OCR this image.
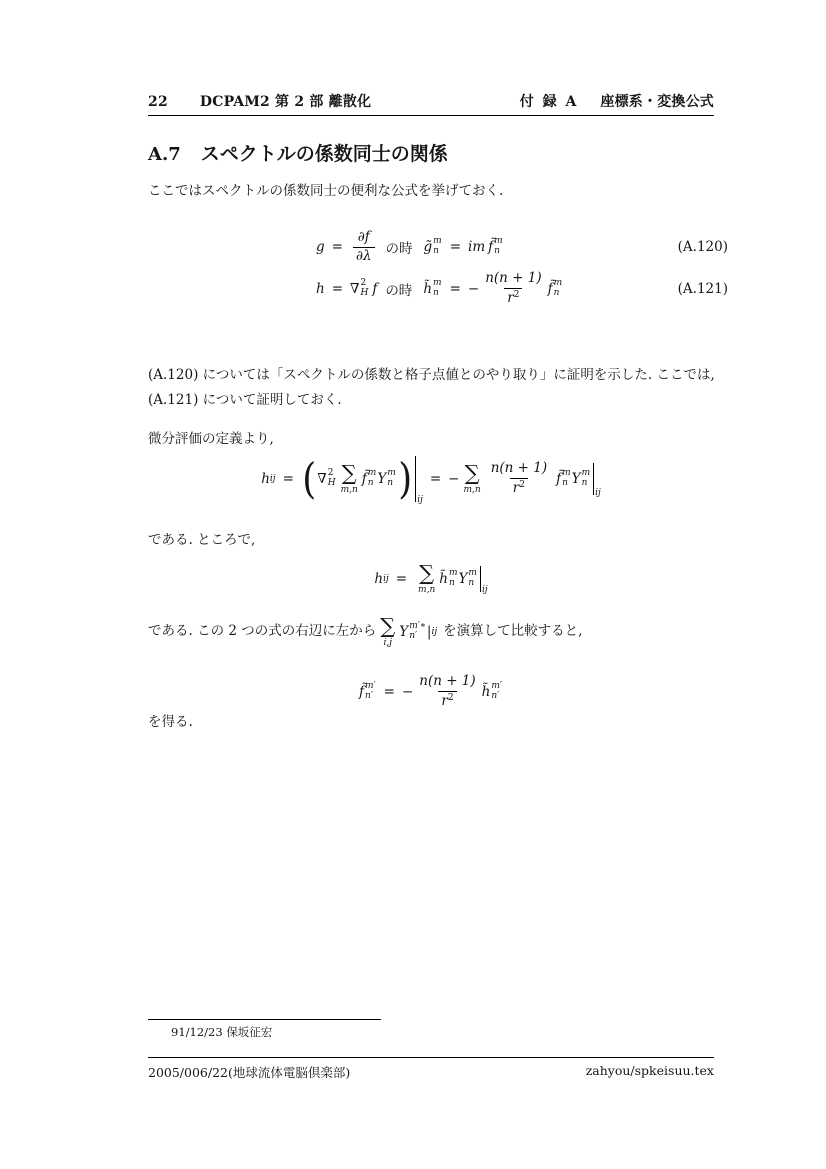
22 DCPAM2 第 2 部 離散化	付 録 A 座標系・変換公式
A.7 スペクトルの係数同士の関係
ここではスペクトルの係数同士の便利な公式を挙げておく.
$g = \frac{\partial f}{\partial\lambda}$ の時 g̃ m
n = im f̃ m
n	(A.120)
h = ∇ 2
H f の時 h̃ m
n = − $\frac{n(n + 1)}{r^2}$ f̃ m
n	(A.121)
(A.120) については「スペクトルの係数と格子点値とのやり取り」に証明を示した. ここでは,
(A.121) について証明しておく.
微分評価の定義より,
h ij = ( ∇ 2
H ∑
m,n
f̃ m
n Y m
n ) ij
= − ∑
$m,n \frac{n(n + 1)}{r^2}$ f̃ m
n Y m
n
ij
である. ところで,
h ij = ∑
m,n
h̃ m
n Y m
n
ij
である. この 2 つの式の右辺に左から ∑
i,j
Y m′∗
n′ | ij を演算して比較すると,
f̃ m′
n′ = − $\frac{n(n + 1)}{r^2}$ h̃ m′
n′
を得る.
91/12/23 保坂征宏
2005/006/22(地球流体電脳倶楽部)	zahyou/spkeisuu.tex
